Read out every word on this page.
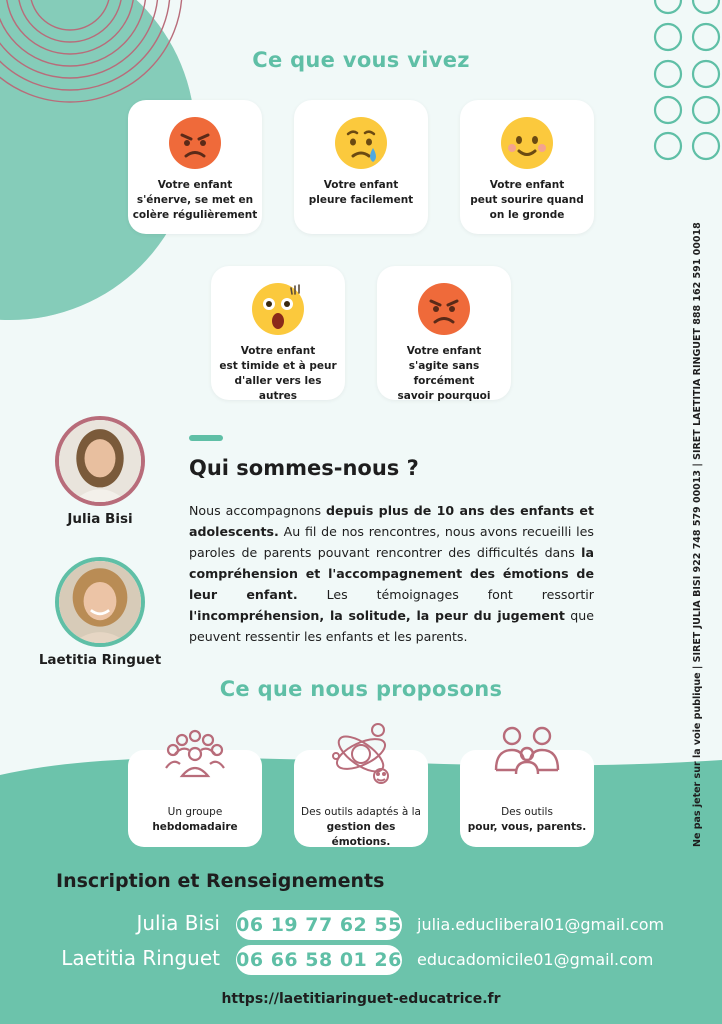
Ce que vous vivez
Votre enfant
s'énerve, se met en
colère régulièrement
Votre enfant
pleure facilement
Votre enfant
peut sourire quand
on le gronde
Votre enfant
est timide et à peur
d'aller vers les autres
Votre enfant
s'agite sans forcément
savoir pourquoi
Julia Bisi
Laetitia Ringuet
Qui sommes-nous ?
Nous accompagnons depuis plus de 10 ans des enfants et adolescents. Au fil de nos rencontres, nous avons recueilli les paroles de parents pouvant rencontrer des difficultés dans la compréhension et l'accompagnement des émotions de leur enfant. Les témoignages font ressortir l'incompréhension, la solitude, la peur du jugement que peuvent ressentir les enfants et les parents.
Ce que nous proposons
Un groupe
hebdomadaire
Des outils adaptés à la
gestion des émotions.
Des outils
pour, vous, parents.
Inscription et Renseignements
Julia Bisi 06 19 77 62 55 julia.educliberal01@gmail.com
Laetitia Ringuet 06 66 58 01 26 educadomicile01@gmail.com
https://laetitiaringuet-educatrice.fr
Ne pas jeter sur la voie publique | SIRET JULIA BISI 922 748 579 00013 | SIRET LAETITIA RINGUET 888 162 591 00018
